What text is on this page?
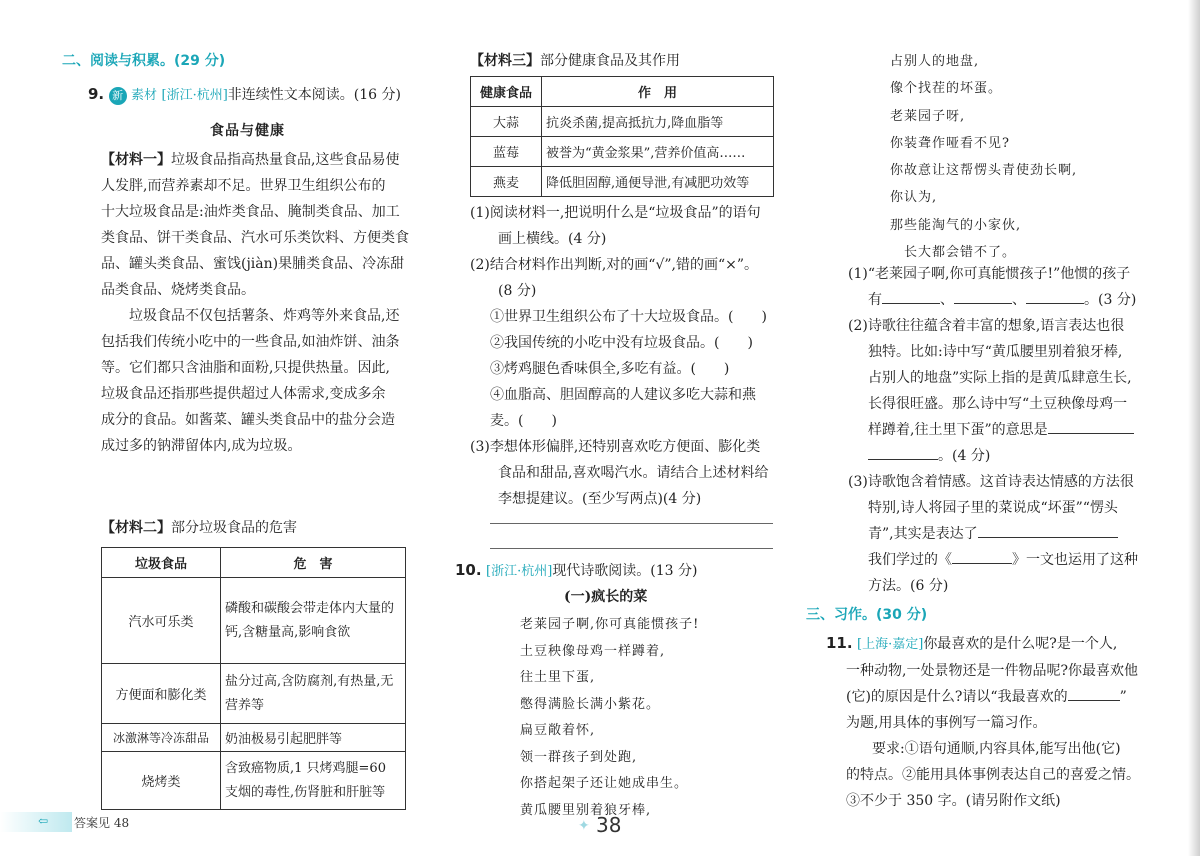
二、阅读与积累。(29 分)
9. 新 素材 [浙江·杭州]非连续性文本阅读。(16 分)
食品与健康
【材料一】垃圾食品指高热量食品,这些食品易使
人发胖,而营养素却不足。世界卫生组织公布的
十大垃圾食品是:油炸类食品、腌制类食品、加工
类食品、饼干类食品、汽水可乐类饮料、方便类食
品、罐头类食品、蜜饯(jiàn)果脯类食品、冷冻甜
品类食品、烧烤类食品。
垃圾食品不仅包括薯条、炸鸡等外来食品,还
包括我们传统小吃中的一些食品,如油炸饼、油条
等。它们都只含油脂和面粉,只提供热量。因此,
垃圾食品还指那些提供超过人体需求,变成多余
成分的食品。如酱菜、罐头类食品中的盐分会造
成过多的钠滞留体内,成为垃圾。
【材料二】部分垃圾食品的危害
垃圾食品	危　害
汽水可乐类	磷酸和碳酸会带走体内大量的钙,含糖量高,影响食欲
方便面和膨化类	盐分过高,含防腐剂,有热量,无营养等
冰激淋等冷冻甜品	奶油极易引起肥胖等
烧烤类	含致癌物质,1 只烤鸡腿=60 支烟的毒性,伤肾脏和肝脏等
⇦ 答案见 48
【材料三】部分健康食品及其作用
健康食品	作　用
大蒜	抗炎杀菌,提高抵抗力,降血脂等
蓝莓	被誉为“黄金浆果”,营养价值高……
燕麦	降低胆固醇,通便导泄,有减肥功效等
(1)阅读材料一,把说明什么是“垃圾食品”的语句
画上横线。(4 分)
(2)结合材料作出判断,对的画“√”,错的画“×”。
(8 分)
①世界卫生组织公布了十大垃圾食品。(　　)
②我国传统的小吃中没有垃圾食品。(　　)
③烤鸡腿色香味俱全,多吃有益。(　　)
④血脂高、胆固醇高的人建议多吃大蒜和燕
麦。(　　)
(3)李想体形偏胖,还特别喜欢吃方便面、膨化类
食品和甜品,喜欢喝汽水。请结合上述材料给
李想提建议。(至少写两点)(4 分)
10. [浙江·杭州]现代诗歌阅读。(13 分)
(一)疯长的菜
老莱园子啊,你可真能惯孩子!
土豆秧像母鸡一样蹲着,
往土里下蛋,
憋得满脸长满小紫花。
扁豆敞着怀,
领一群孩子到处跑,
你搭起架子还让她成串生。
黄瓜腰里别着狼牙棒,
✦ 38
占别人的地盘,
像个找茬的坏蛋。
老莱园子呀,
你装聋作哑看不见?
你故意让这帮愣头青使劲长啊,
你认为,
那些能淘气的小家伙,
长大都会错不了。
(1)“老莱园子啊,你可真能惯孩子!”他惯的孩子
有	、	、	。(3 分)
(2)诗歌往往蕴含着丰富的想象,语言表达也很
独特。比如:诗中写“黄瓜腰里别着狼牙棒,
占别人的地盘”实际上指的是黄瓜肆意生长,
长得很旺盛。那么诗中写“土豆秧像母鸡一
样蹲着,往土里下蛋”的意思是
。(4 分)
(3)诗歌饱含着情感。这首诗表达情感的方法很
特别,诗人将园子里的菜说成“坏蛋”“愣头
青”,其实是表达了
我们学过的《	》一文也运用了这种
方法。(6 分)
三、习作。(30 分)
11. [上海·嘉定]你最喜欢的是什么呢?是一个人,
一种动物,一处景物还是一件物品呢?你最喜欢他
(它)的原因是什么?请以“我最喜欢的	”
为题,用具体的事例写一篇习作。
要求:①语句通顺,内容具体,能写出他(它)
的特点。②能用具体事例表达自己的喜爱之情。
③不少于 350 字。(请另附作文纸)
